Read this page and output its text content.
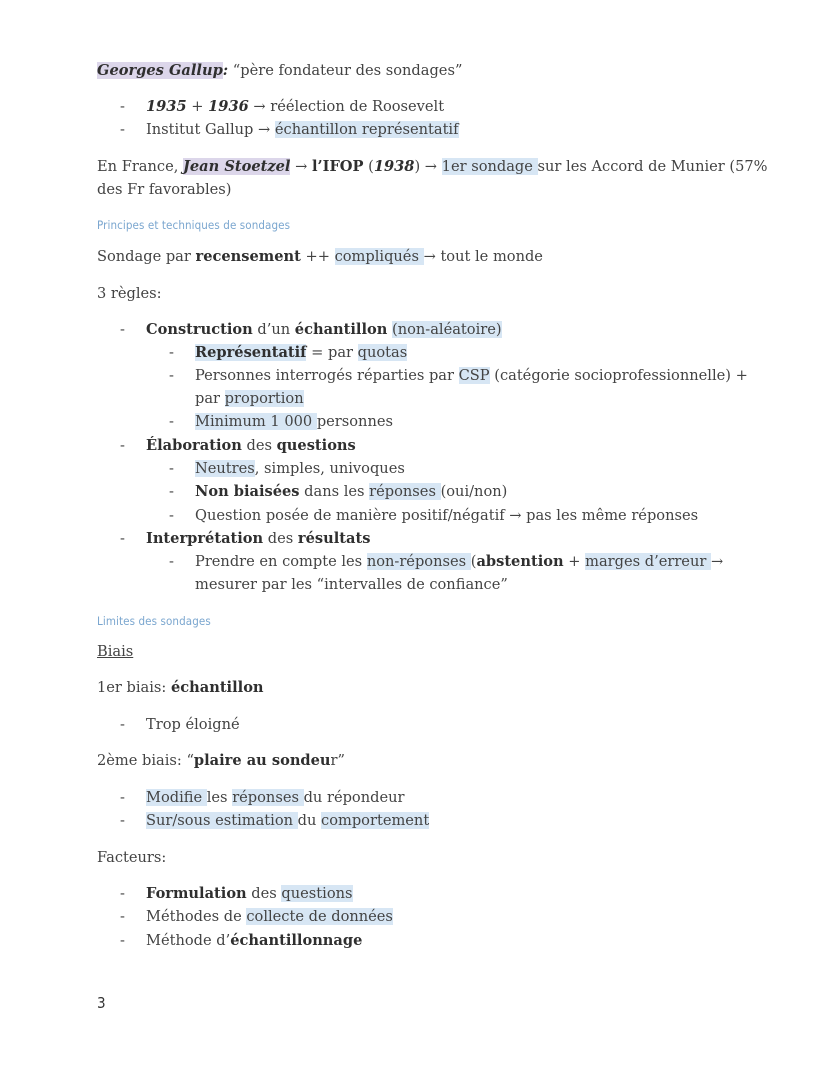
Georges Gallup: “père fondateur des sondages”
- 1935 + 1936 → réélection de Roosevelt
- Institut Gallup → échantillon représentatif
En France, Jean Stoetzel → l’IFOP (1938) → 1er sondage sur les Accord de Munier (57%
des Fr favorables)
Principes et techniques de sondages
Sondage par recensement ++ compliqués → tout le monde
3 règles:
- Construction d’un échantillon (non-aléatoire)
- Représentatif = par quotas
- Personnes interrogés réparties par CSP (catégorie socioprofessionnelle) +
par proportion
- Minimum 1 000 personnes
- Élaboration des questions
- Neutres, simples, univoques
- Non biaisées dans les réponses (oui/non)
- Question posée de manière positif/négatif → pas les même réponses
- Interprétation des résultats
- Prendre en compte les non-réponses (abstention + marges d’erreur →
mesurer par les “intervalles de confiance”
Limites des sondages
Biais
1er biais: échantillon
- Trop éloigné
2ème biais: “plaire au sondeur”
- Modifie les réponses du répondeur
- Sur/sous estimation du comportement
Facteurs:
- Formulation des questions
- Méthodes de collecte de données
- Méthode d’échantillonnage
3
